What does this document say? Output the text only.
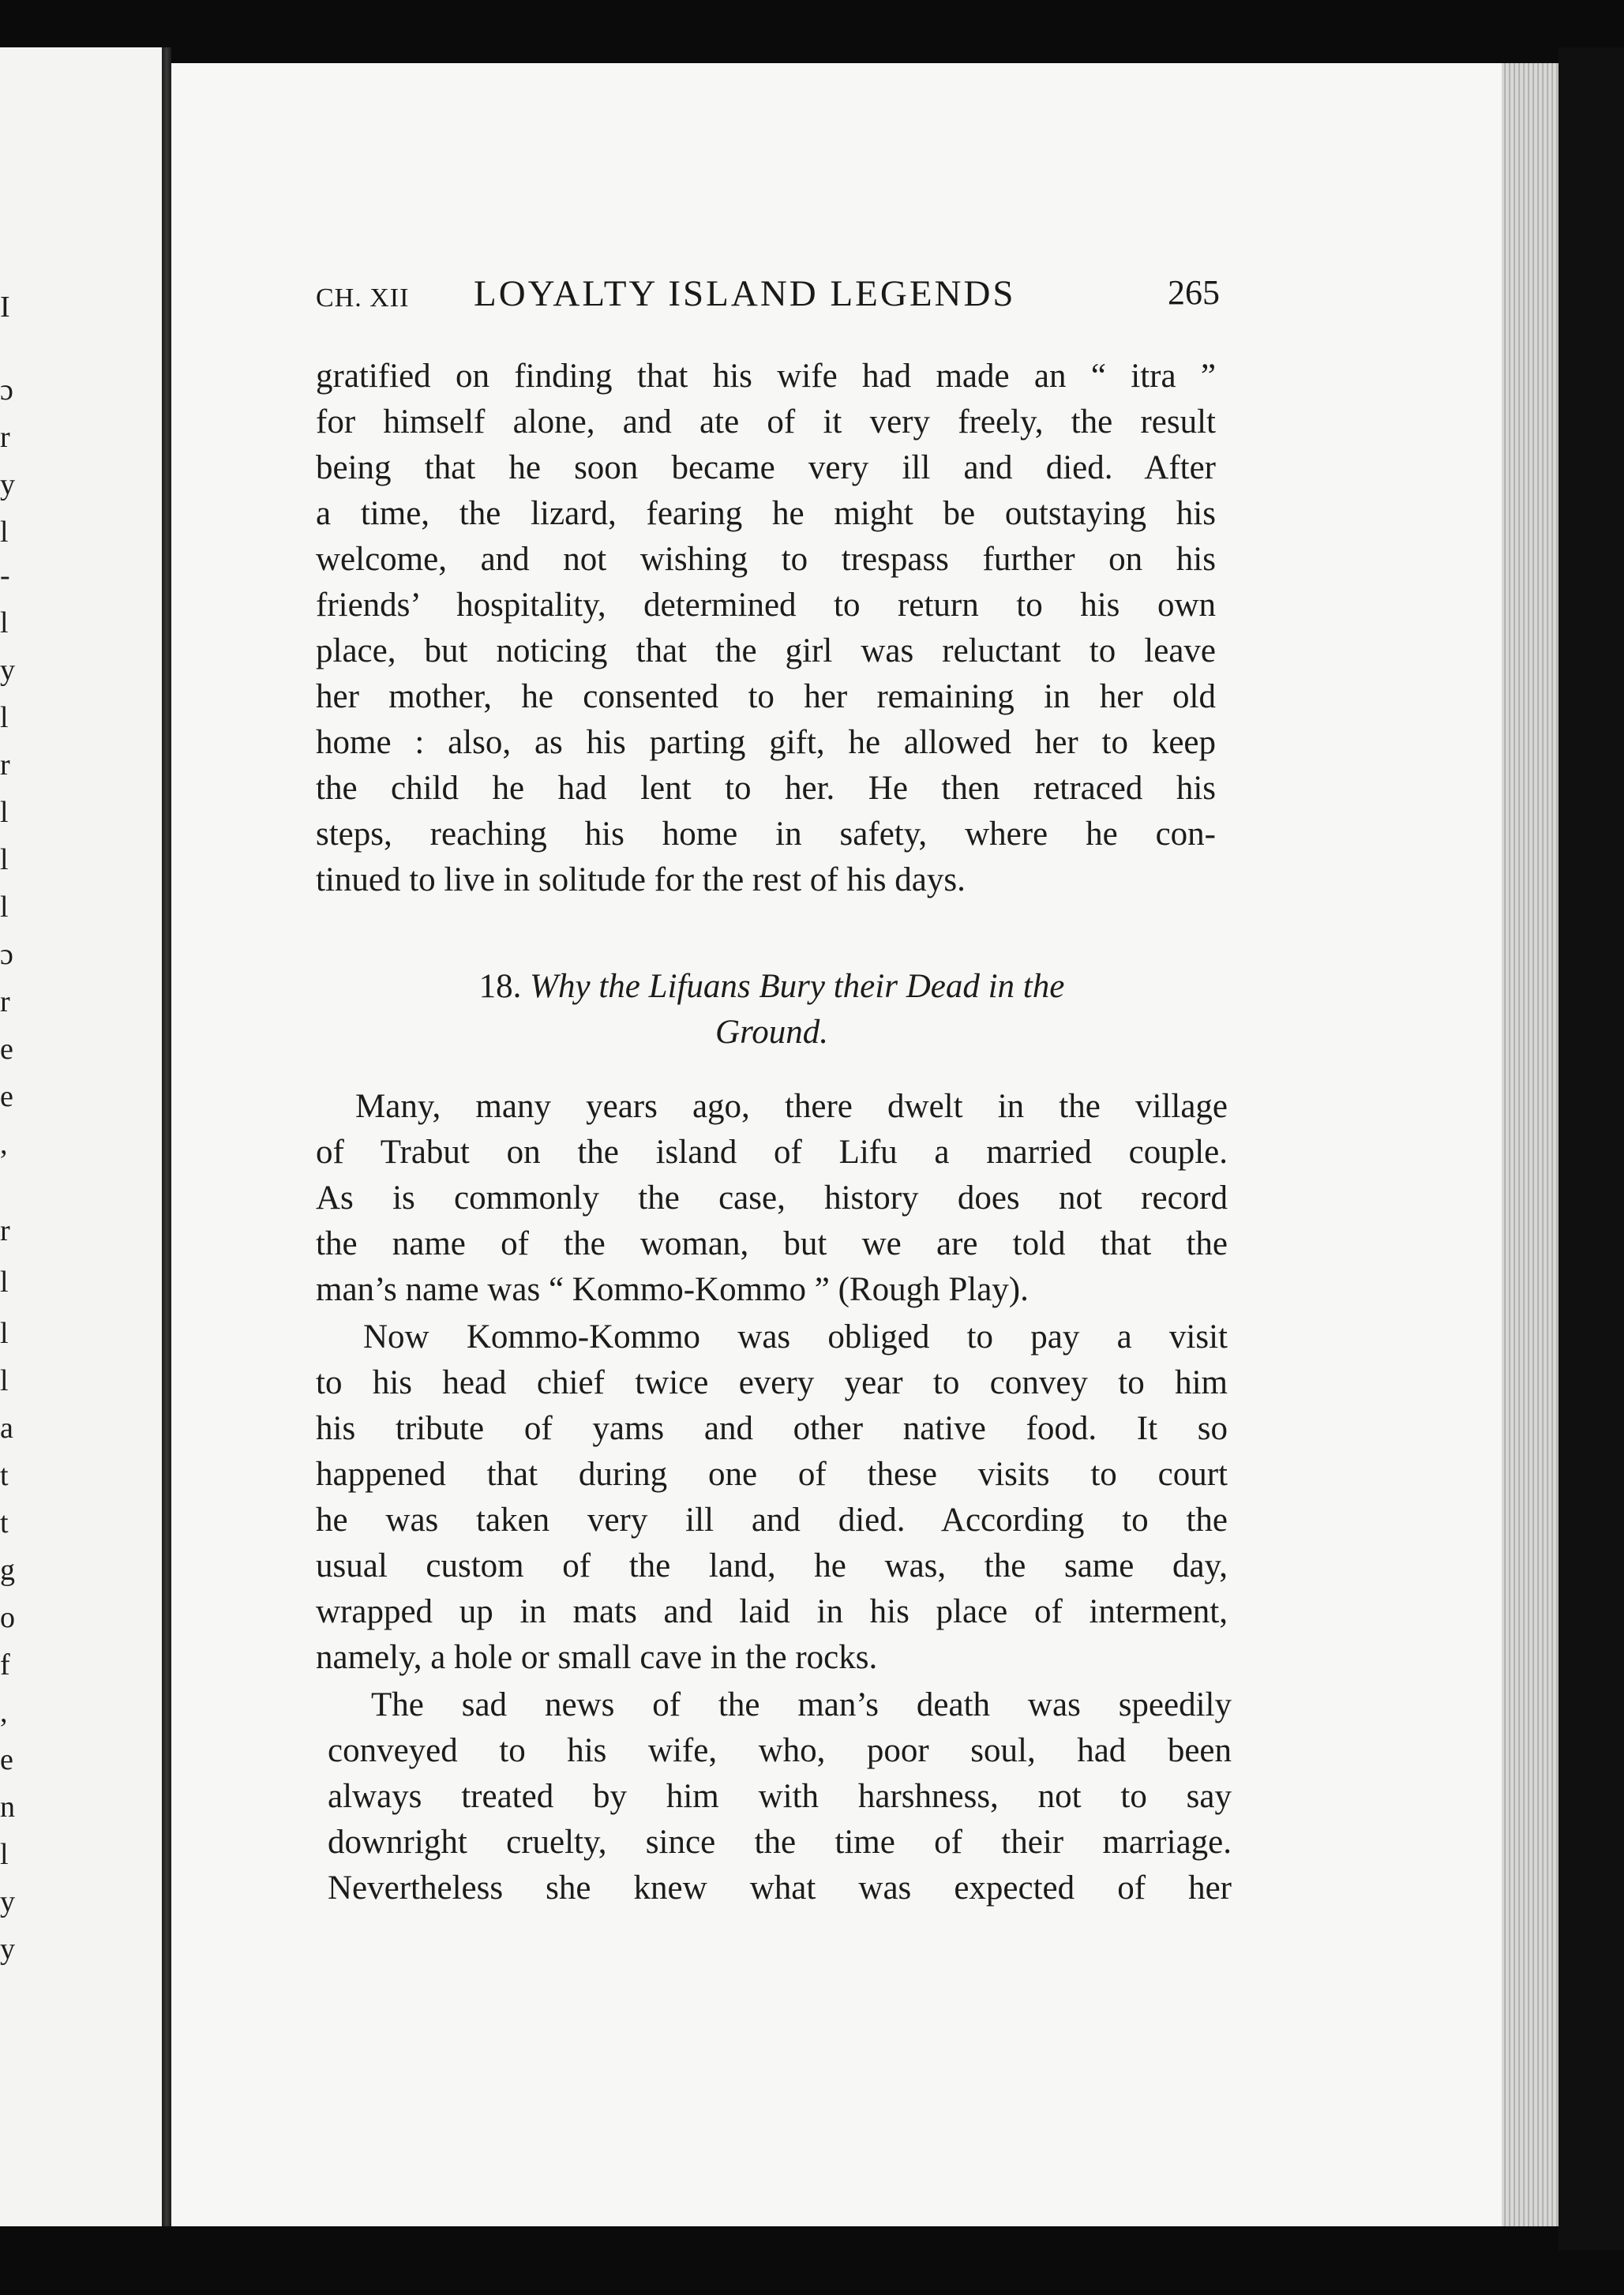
I
ɔ
r
y
l
-
l
y
l
r
l
l
l
ɔ
r
e
e
,
r
l
l
l
a
t
t
g
o
f
,
e
n
l
y
y
CH. XII LOYALTY ISLAND LEGENDS	265
gratified on finding that his wife had made an “ itra ”
for himself alone, and ate of it very freely, the result
being that he soon became very ill and died. After
a time, the lizard, fearing he might be outstaying his
welcome, and not wishing to trespass further on his
friends’ hospitality, determined to return to his own
place, but noticing that the girl was reluctant to leave
her mother, he consented to her remaining in her old
home : also, as his parting gift, he allowed her to keep
the child he had lent to her. He then retraced his
steps, reaching his home in safety, where he con-
tinued to live in solitude for the rest of his days.
18. Why the Lifuans Bury their Dead in the
Ground.
Many, many years ago, there dwelt in the village
of Trabut on the island of Lifu a married couple.
As is commonly the case, history does not record
the name of the woman, but we are told that the
man’s name was “ Kommo-Kommo ” (Rough Play).
Now Kommo-Kommo was obliged to pay a visit
to his head chief twice every year to convey to him
his tribute of yams and other native food. It so
happened that during one of these visits to court
he was taken very ill and died. According to the
usual custom of the land, he was, the same day,
wrapped up in mats and laid in his place of interment,
namely, a hole or small cave in the rocks.
The sad news of the man’s death was speedily
conveyed to his wife, who, poor soul, had been
always treated by him with harshness, not to say
downright cruelty, since the time of their marriage.
Nevertheless she knew what was expected of her
